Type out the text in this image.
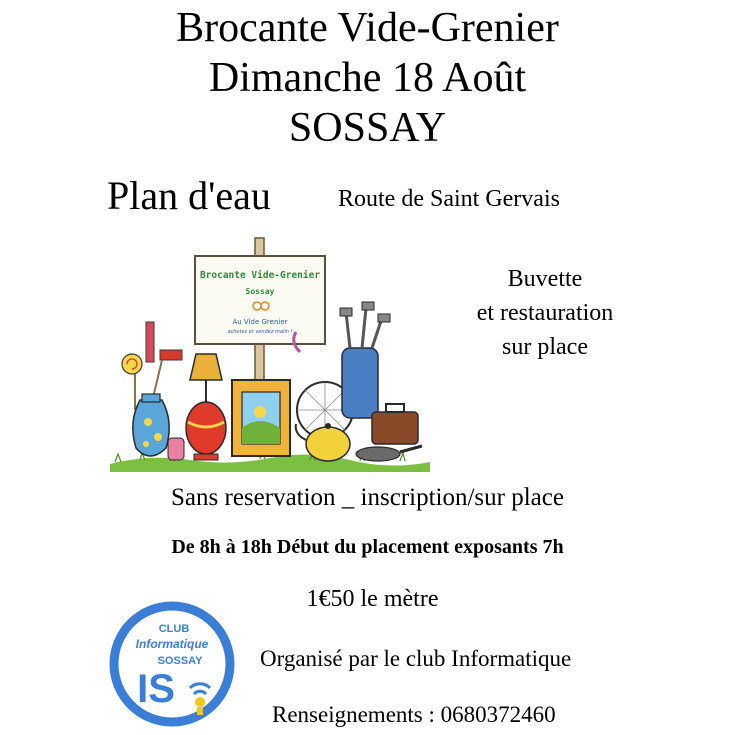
Brocante Vide-Grenier
Dimanche 18 Août
SOSSAY
Plan d'eau	Route de Saint Gervais
Brocante Vide-Grenier
Sossay
Au Vide Grenier
achetez et vendez malin !
Buvette
et restauration
sur place
Sans reservation _ inscription/sur place
De 8h à 18h Début du placement exposants 7h
1€50 le mètre
CLUB
Informatique
SOSSAY
IS
Organisé par le club Informatique
Renseignements : 0680372460
